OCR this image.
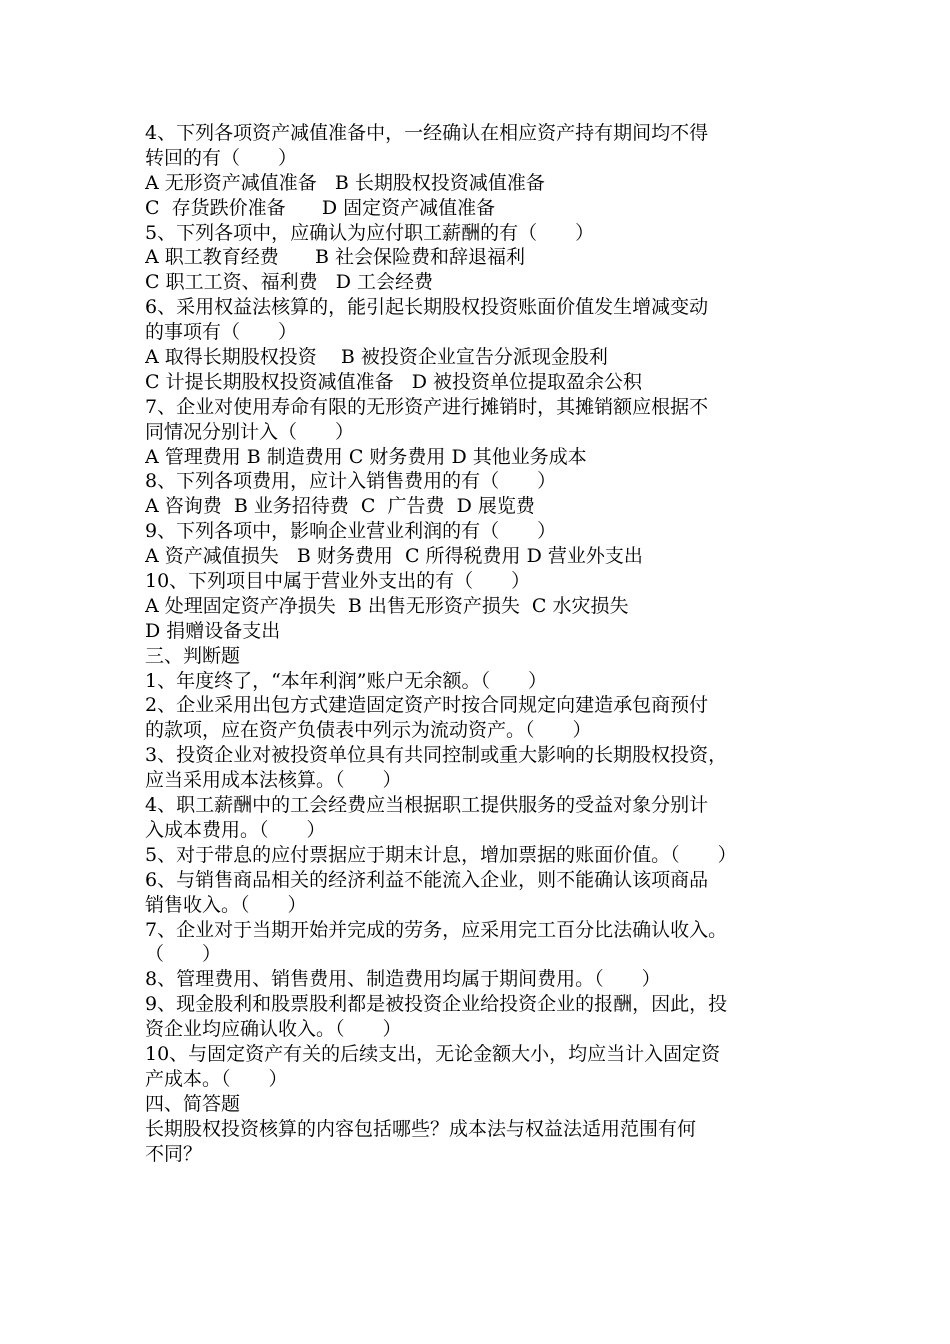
4、下列各项资产减值准备中，一经确认在相应资产持有期间均不得
转回的有（　　）
A 无形资产减值准备   B 长期股权投资减值准备
C  存货跌价准备      D 固定资产减值准备
5、下列各项中，应确认为应付职工薪酬的有（　　）
A 职工教育经费      B 社会保险费和辞退福利
C 职工工资、福利费   D 工会经费
6、采用权益法核算的，能引起长期股权投资账面价值发生增减变动
的事项有（　　）
A 取得长期股权投资    B 被投资企业宣告分派现金股利
C 计提长期股权投资减值准备   D 被投资单位提取盈余公积
7、企业对使用寿命有限的无形资产进行摊销时，其摊销额应根据不
同情况分别计入（　　）
A 管理费用 B 制造费用 C 财务费用 D 其他业务成本
8、下列各项费用，应计入销售费用的有（　　）
A 咨询费  B 业务招待费  C  广告费  D 展览费
9、下列各项中，影响企业营业利润的有（　　）
A 资产减值损失   B 财务费用  C 所得税费用 D 营业外支出
10、下列项目中属于营业外支出的有（　　）
A 处理固定资产净损失  B 出售无形资产损失  C 水灾损失
D 捐赠设备支出
三、判断题
1、年度终了，“本年利润”账户无余额。（　　）
2、企业采用出包方式建造固定资产时按合同规定向建造承包商预付
的款项，应在资产负债表中列示为流动资产。（　　）
3、投资企业对被投资单位具有共同控制或重大影响的长期股权投资，
应当采用成本法核算。（　　）
4、职工薪酬中的工会经费应当根据职工提供服务的受益对象分别计
入成本费用。（　　）
5、对于带息的应付票据应于期末计息，增加票据的账面价值。（　　）
6、与销售商品相关的经济利益不能流入企业，则不能确认该项商品
销售收入。（　　）
7、企业对于当期开始并完成的劳务，应采用完工百分比法确认收入。
（　　）
8、管理费用、销售费用、制造费用均属于期间费用。（　　）
9、现金股利和股票股利都是被投资企业给投资企业的报酬，因此，投
资企业均应确认收入。（　　）
10、与固定资产有关的后续支出，无论金额大小，均应当计入固定资
产成本。（　　）
四、简答题
长期股权投资核算的内容包括哪些？成本法与权益法适用范围有何
不同？
